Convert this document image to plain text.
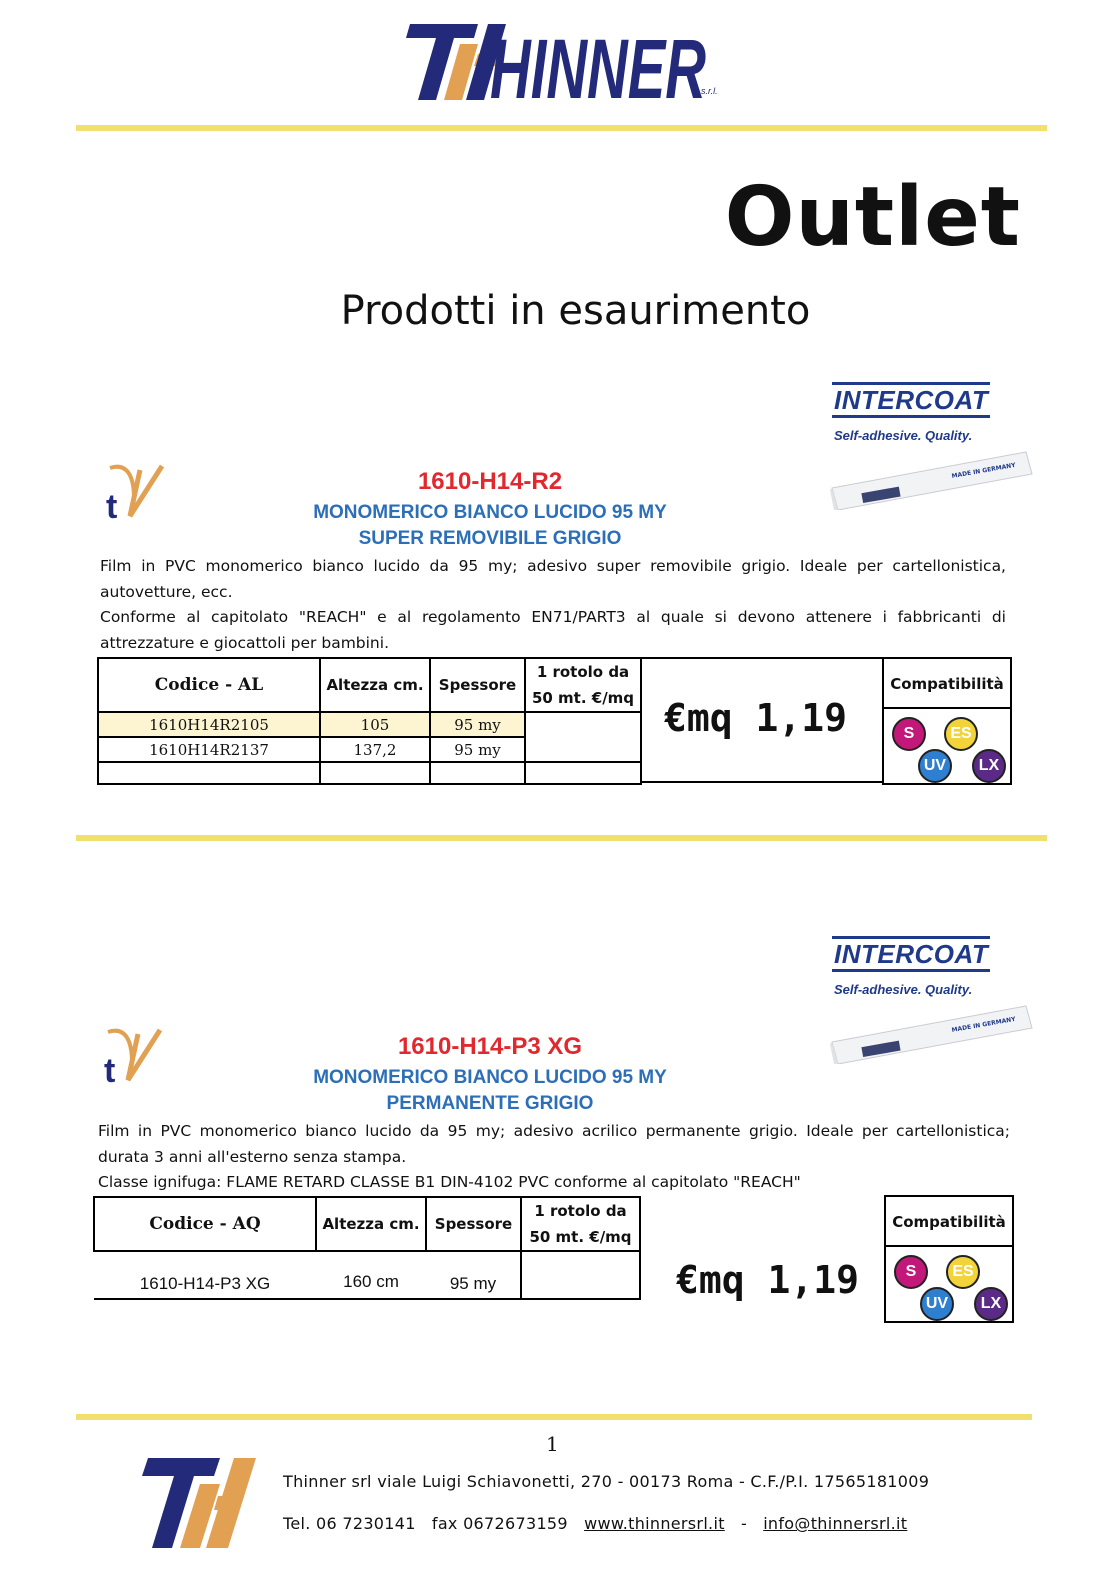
HINNER
s.r.l.
Outlet
Prodotti in esaurimento
INTERCOAT
Self-adhesive. Quality.
MADE IN GERMANY
t
1610-H14-R2
MONOMERICO BIANCO LUCIDO 95 MY
SUPER REMOVIBILE GRIGIO
Film in PVC monomerico bianco lucido da 95 my; adesivo super removibile grigio. Ideale per cartellonistica, autovetture, ecc.
Conforme al capitolato "REACH" e al regolamento EN71/PART3 al quale si devono attenere i fabbricanti di attrezzature e giocattoli per bambini.
Codice - AL	Altezza cm.	Spessore	1 rotolo da 50 mt. €/mq
1610H14R2105	105	95 my	
1610H14R2137	137,2	95 my	

€mq 1,19
Compatibilità
S	ES
UV	LX
INTERCOAT
Self-adhesive. Quality.
MADE IN GERMANY
t
1610-H14-P3 XG
MONOMERICO BIANCO LUCIDO 95 MY
PERMANENTE GRIGIO
Film in PVC monomerico bianco lucido da 95 my; adesivo acrilico permanente grigio. Ideale per cartellonistica; durata 3 anni all'esterno senza stampa.
Classe ignifuga: FLAME RETARD CLASSE B1 DIN-4102 PVC conforme al capitolato "REACH"
Codice - AQ	Altezza cm.	Spessore	1 rotolo da 50 mt. €/mq
1610-H14-P3 XG	160 cm	95 my		€mq 1,19
Compatibilità
S	ES
UV	LX
1
Thinner srl viale Luigi Schiavonetti, 270 - 00173 Roma - C.F./P.I. 17565181009
Tel. 06 7230141 fax 0672673159 www.thinnersrl.it - info@thinnersrl.it
